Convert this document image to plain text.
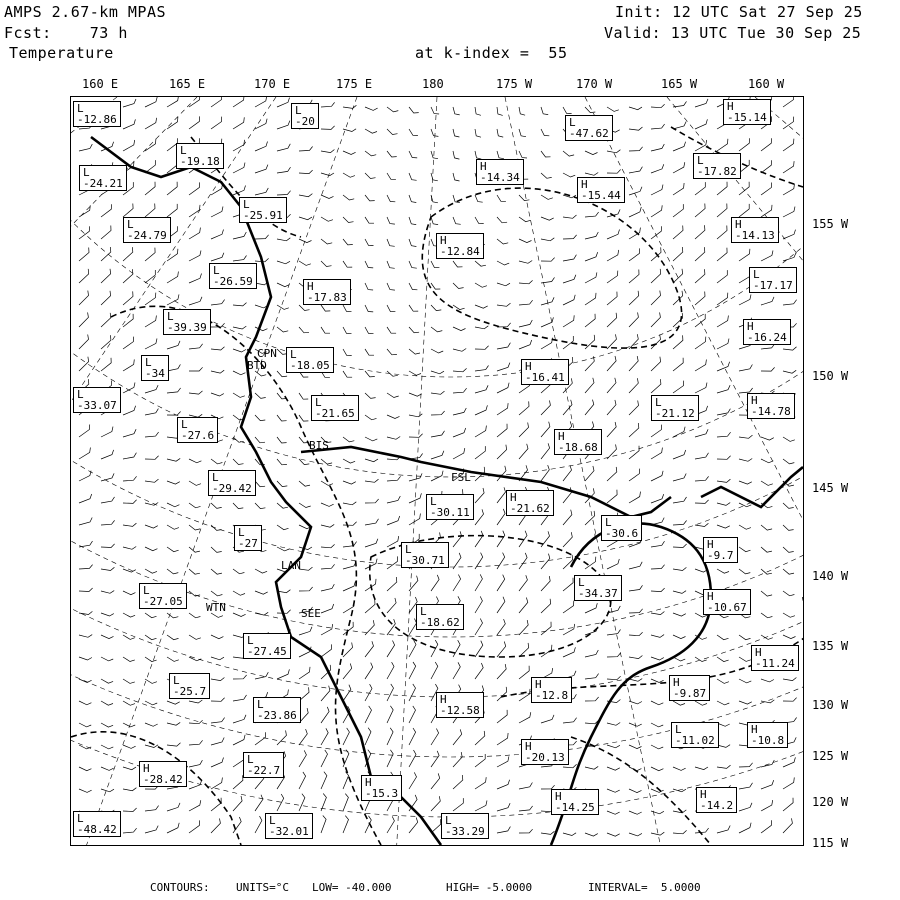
AMPS 2.67-km MPAS
Fcst:    73 h
Temperature
Init: 12 UTC Sat 27 Sep 25
Valid: 13 UTC Tue 30 Sep 25
at k-index =  55
160 E	165 E	170 E	175 E	180	175 W	170 W	165 W	160 W
155 W
150 W
145 W
140 W
135 W
130 W
125 W
120 W
115 W
L
-12.86
L
-20	L
-47.62
H
-15.14
L
-19.18	H
-14.34
L
-17.82
L
-24.21	H
-15.44
L
-25.91
H
-14.13
L
-24.79	H
-12.84
L
-26.59	H
-17.83
L
-17.17
L
-39.39	H
-16.24
L
-18.05
L
-34
H
-16.41
L
-33.07	L
-21.65
L
-21.12
H
-14.78
L
-27.6	H
-18.68
L
-29.42
L
-30.11
H
-21.62
L
-27	L
-30.71
L
-30.6
H
-9.7
L
-27.05
L
-34.37
L
-18.62
H
-10.67
L
-27.45	H
-11.24
L
-25.7
H
-12.8
H
-9.87
L
-23.86
H
-12.58
L
-11.02
H
-10.8
H
-28.42
L
-22.7
H
-20.13
H
-15.3	H
-14.25
H
-14.2
L
-48.42
L
-32.01
L
-33.29
CPN
BTD
BIS
FSL
LAN
SEE
WTN
CONTOURS: UNITS=°C LOW= -40.000	HIGH= -5.0000	INTERVAL=  5.0000
